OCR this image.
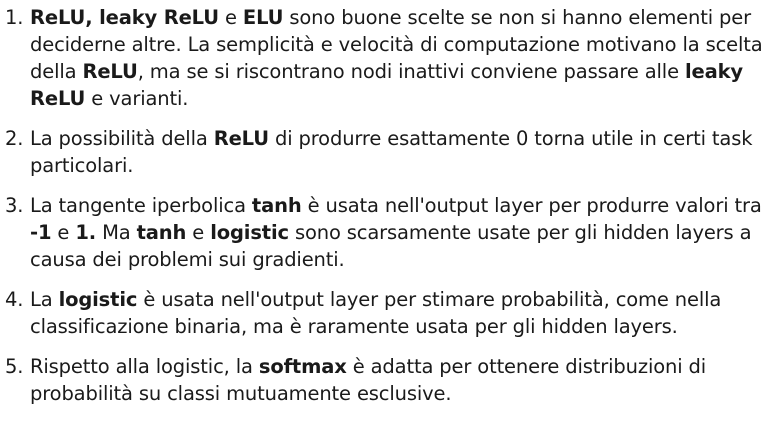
1. ReLU, leaky ReLU e ELU sono buone scelte se non si hanno elementi per deciderne altre. La semplicità e velocità di computazione motivano la scelta della ReLU, ma se si riscontrano nodi inattivi conviene passare alle leaky ReLU e varianti.
2. La possibilità della ReLU di produrre esattamente 0 torna utile in certi task particolari.
3. La tangente iperbolica tanh è usata nell'output layer per produrre valori tra -1 e 1. Ma tanh e logistic sono scarsamente usate per gli hidden layers a causa dei problemi sui gradienti.
4. La logistic è usata nell'output layer per stimare probabilità, come nella classificazione binaria, ma è raramente usata per gli hidden layers.
5. Rispetto alla logistic, la softmax è adatta per ottenere distribuzioni di probabilità su classi mutuamente esclusive.
